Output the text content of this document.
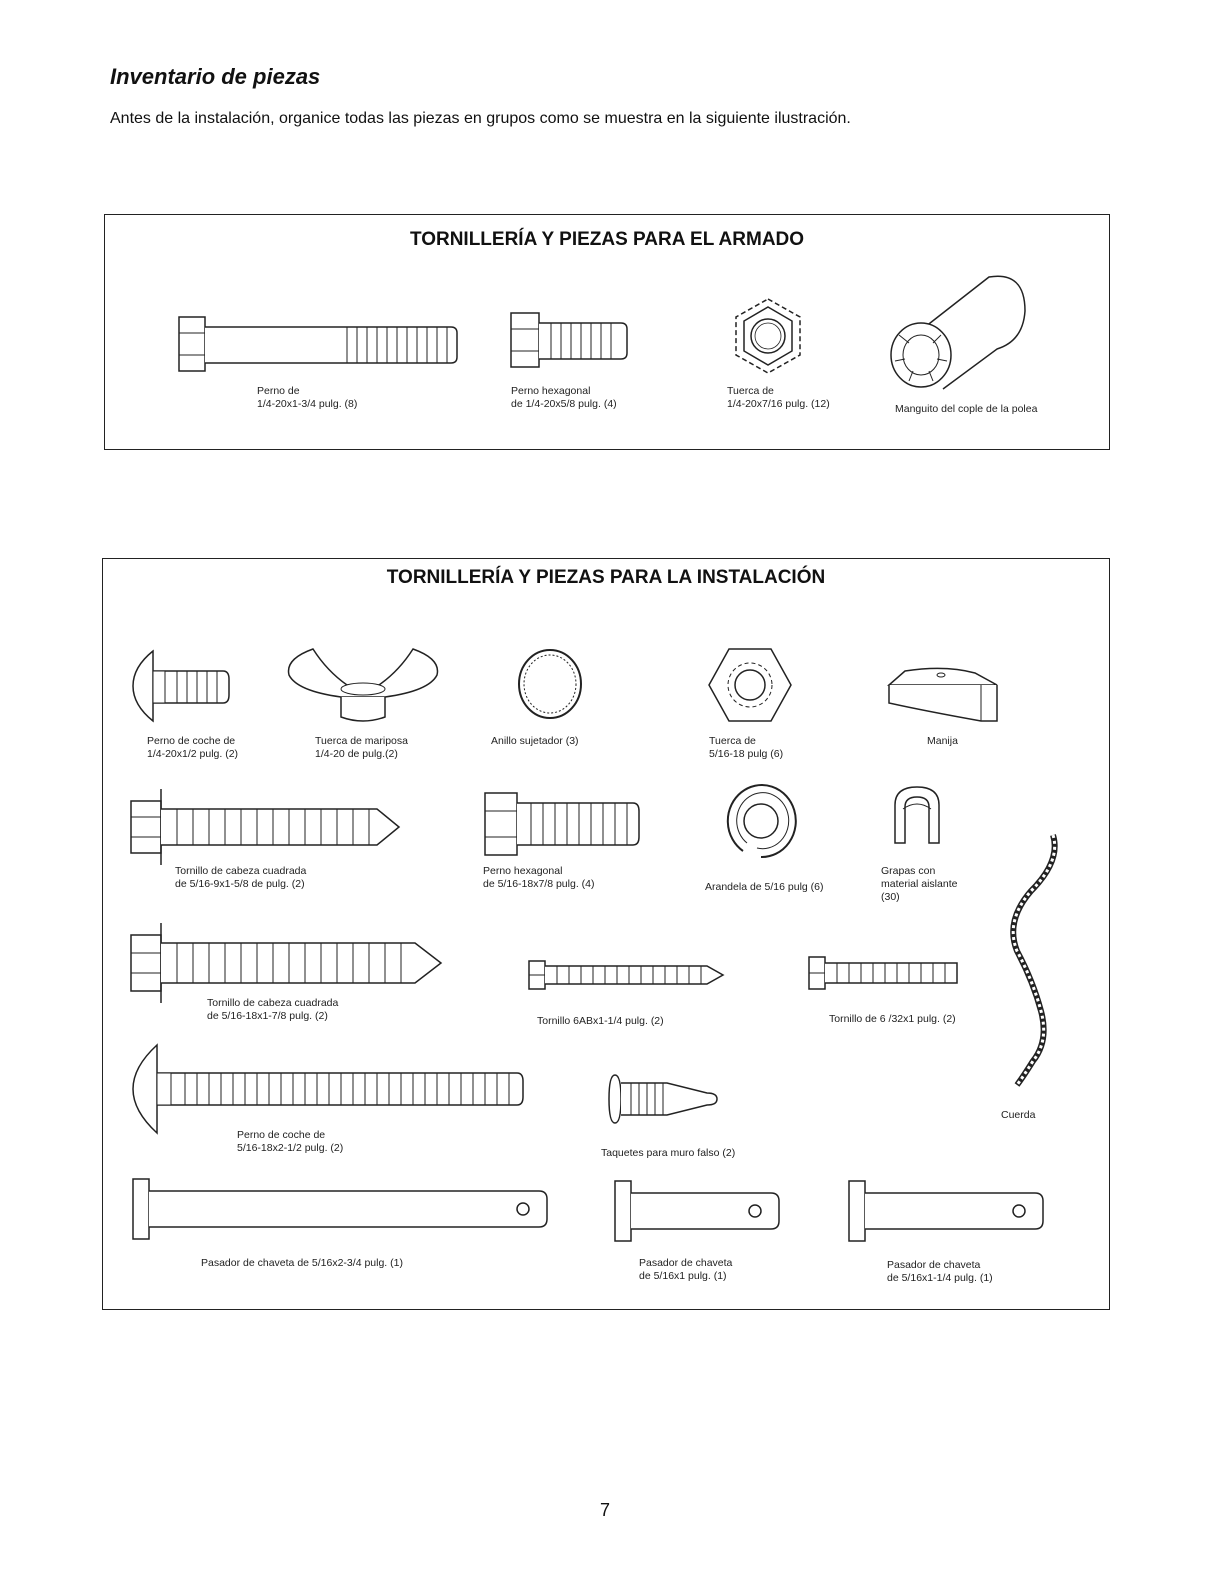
Inventario de piezas
Antes de la instalación, organice todas las piezas en grupos como se muestra en la siguiente ilustración.
TORNILLERÍA Y PIEZAS PARA EL ARMADO
Perno de
1/4-20x1-3/4 pulg. (8)
Perno hexagonal
de 1/4-20x5/8 pulg. (4)
Tuerca de
1/4-20x7/16 pulg. (12)	Manguito del cople de la polea
TORNILLERÍA Y PIEZAS PARA LA INSTALACIÓN
Perno de coche de
1/4-20x1/2 pulg. (2)
Tuerca de mariposa
1/4-20 de pulg.(2)
Anillo sujetador (3)	Tuerca de
5/16-18 pulg (6)
Manija
Tornillo de cabeza cuadrada
de 5/16-9x1-5/8 de pulg. (2)
Perno hexagonal
de 5/16-18x7/8 pulg. (4)	Arandela de 5/16 pulg (6)
Grapas con
material aislante
(30)
Tornillo de cabeza cuadrada
de 5/16-18x1-7/8 pulg. (2)	Tornillo 6ABx1-1/4 pulg. (2)	Tornillo de 6 /32x1 pulg. (2)
Cuerda
Perno de coche de
5/16-18x2-1/2 pulg. (2)	Taquetes para muro falso (2)
Pasador de chaveta de 5/16x2-3/4 pulg. (1)	Pasador de chaveta
de 5/16x1 pulg. (1)
Pasador de chaveta
de 5/16x1-1/4 pulg. (1)
7
